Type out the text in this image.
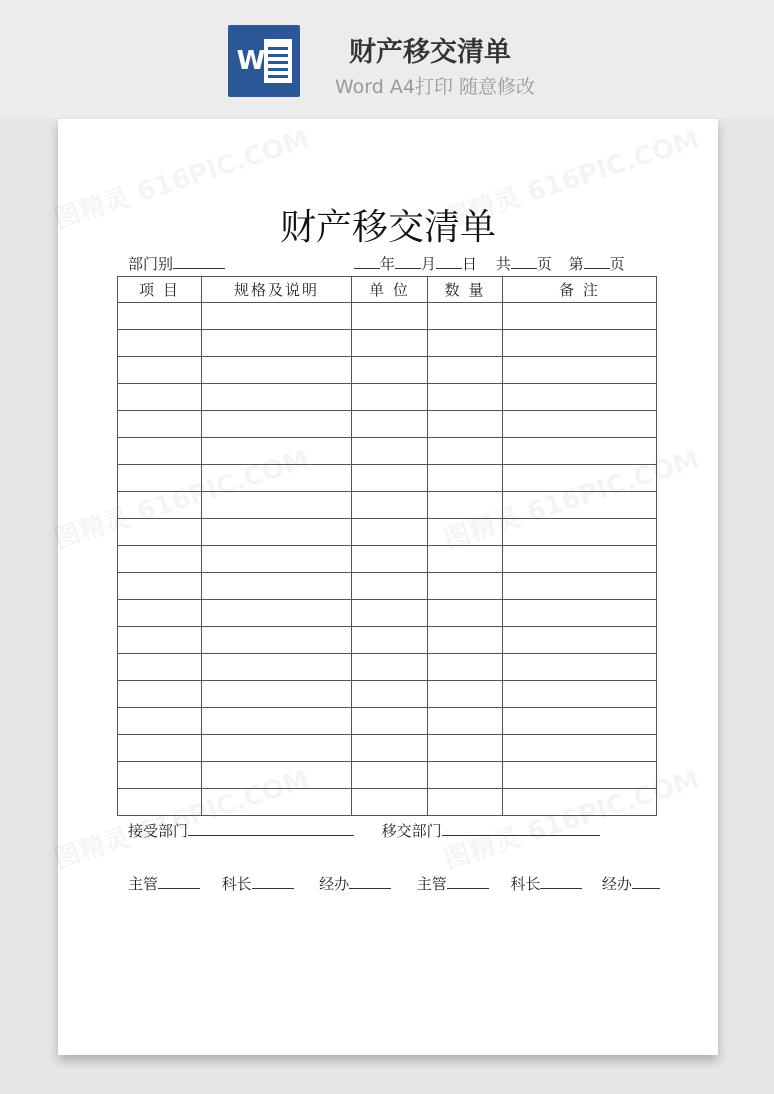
W	财产移交清单
Word A4打印 随意修改
财产移交清单
部门别	年 月 日 共 页 第 页
项 目	规格及说明	单 位	数 量	备 注

接受部门	移交部门
主管	科长	经办	主管	科长	经办
